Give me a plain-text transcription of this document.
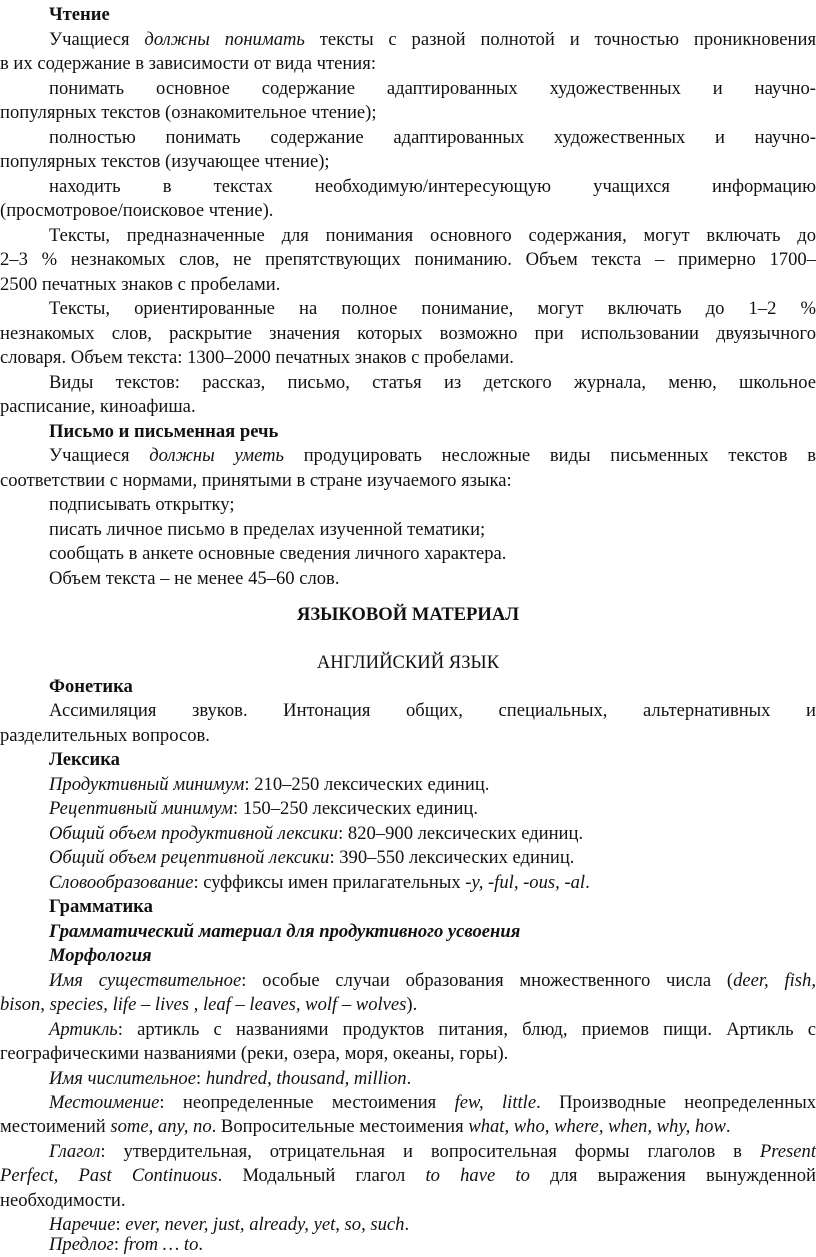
Чтение
Учащиеся должны понимать тексты с разной полнотой и точностью проникновения
в их содержание в зависимости от вида чтения:
понимать основное содержание адаптированных художественных и научно-
популярных текстов (ознакомительное чтение);
полностью понимать содержание адаптированных художественных и научно-
популярных текстов (изучающее чтение);
находить в текстах необходимую/интересующую учащихся информацию
(просмотровое/поисковое чтение).
Тексты, предназначенные для понимания основного содержания, могут включать до
2–3 % незнакомых слов, не препятствующих пониманию. Объем текста – примерно 1700–
2500 печатных знаков с пробелами.
Тексты, ориентированные на полное понимание, могут включать до 1–2 %
незнакомых слов, раскрытие значения которых возможно при использовании двуязычного
словаря. Объем текста: 1300–2000 печатных знаков с пробелами.
Виды текстов: рассказ, письмо, статья из детского журнала, меню, школьное
расписание, киноафиша.
Письмо и письменная речь
Учащиеся должны уметь продуцировать несложные виды письменных текстов в
соответствии с нормами, принятыми в стране изучаемого языка:
подписывать открытку;
писать личное письмо в пределах изученной тематики;
сообщать в анкете основные сведения личного характера.
Объем текста – не менее 45–60 слов.
ЯЗЫКОВОЙ МАТЕРИАЛ
АНГЛИЙСКИЙ ЯЗЫК
Фонетика
Ассимиляция звуков. Интонация общих, специальных, альтернативных и
разделительных вопросов.
Лексика
Продуктивный минимум: 210–250 лексических единиц.
Рецептивный минимум: 150–250 лексических единиц.
Общий объем продуктивной лексики: 820–900 лексических единиц.
Общий объем рецептивной лексики: 390–550 лексических единиц.
Словообразование: суффиксы имен прилагательных -y, -ful, -ous, -al.
Грамматика
Грамматический материал для продуктивного усвоения
Морфология
Имя существительное: особые случаи образования множественного числа (deer, fish,
bison, species, life – lives , leaf – leaves, wolf – wolves).
Артикль: артикль с названиями продуктов питания, блюд, приемов пищи. Артикль с
географическими названиями (реки, озера, моря, океаны, горы).
Имя числительное: hundred, thousand, million.
Местоимение: неопределенные местоимения few, little. Производные неопределенных
местоимений some, any, no. Вопросительные местоимения what, who, where, when, why, how.
Глагол: утвердительная, отрицательная и вопросительная формы глаголов в Present
Perfect, Past Continuous. Модальный глагол to have to для выражения вынужденной
необходимости.
Наречие: ever, never, just, already, yet, so, such.
Предлог: from … to.
